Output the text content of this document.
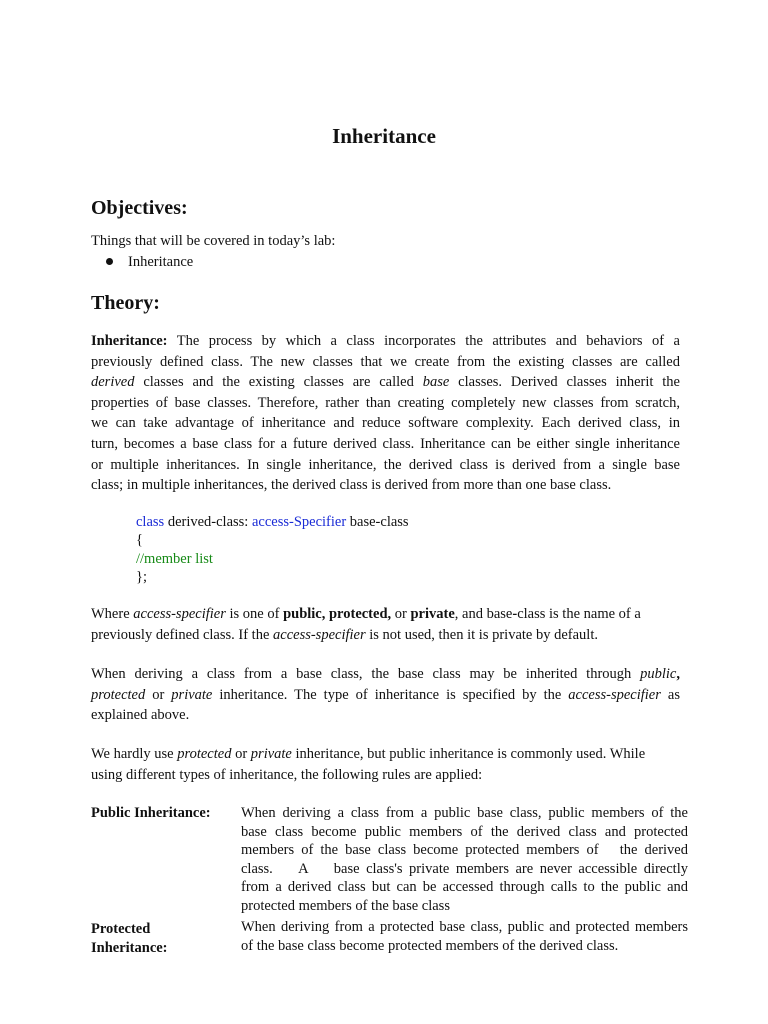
Inheritance
Objectives:

Things that will be covered in today’s lab:

Inheritance
Theory:
Inheritance: The process by which a class incorporates the attributes and behaviors of a
previously defined class. The new classes that we create from the existing classes are called
derived classes and the existing classes are called base classes. Derived classes inherit the
properties of base classes. Therefore, rather than creating completely new classes from scratch,
we can take advantage of inheritance and reduce software complexity. Each derived class, in
turn, becomes a base class for a future derived class. Inheritance can be either single inheritance
or multiple inheritances. In single inheritance, the derived class is derived from a single base
class; in multiple inheritances, the derived class is derived from more than one base class.
class derived-class: access-Specifier base-class
{
//member list
};
Where access-specifier is one of public, protected, or private, and base-class is the name of a
previously defined class. If the access-specifier is not used, then it is private by default.
When deriving a class from a base class, the base class may be inherited through public,
protected or private inheritance. The type of inheritance is specified by the access-specifier as
explained above.
We hardly use protected or private inheritance, but public inheritance is commonly used. While
using different types of inheritance, the following rules are applied:
Public Inheritance:	When deriving a class from a public base class, public members of the
base class become public members of the derived class and protected
members of the base class become protected members of   the derived
class.    A    base class's private members are never accessible directly
from a derived class but can be accessed through calls to the public and
protected members of the base class
Protected
Inheritance:
When deriving from a protected base class, public and protected members
of the base class become protected members of the derived class.
